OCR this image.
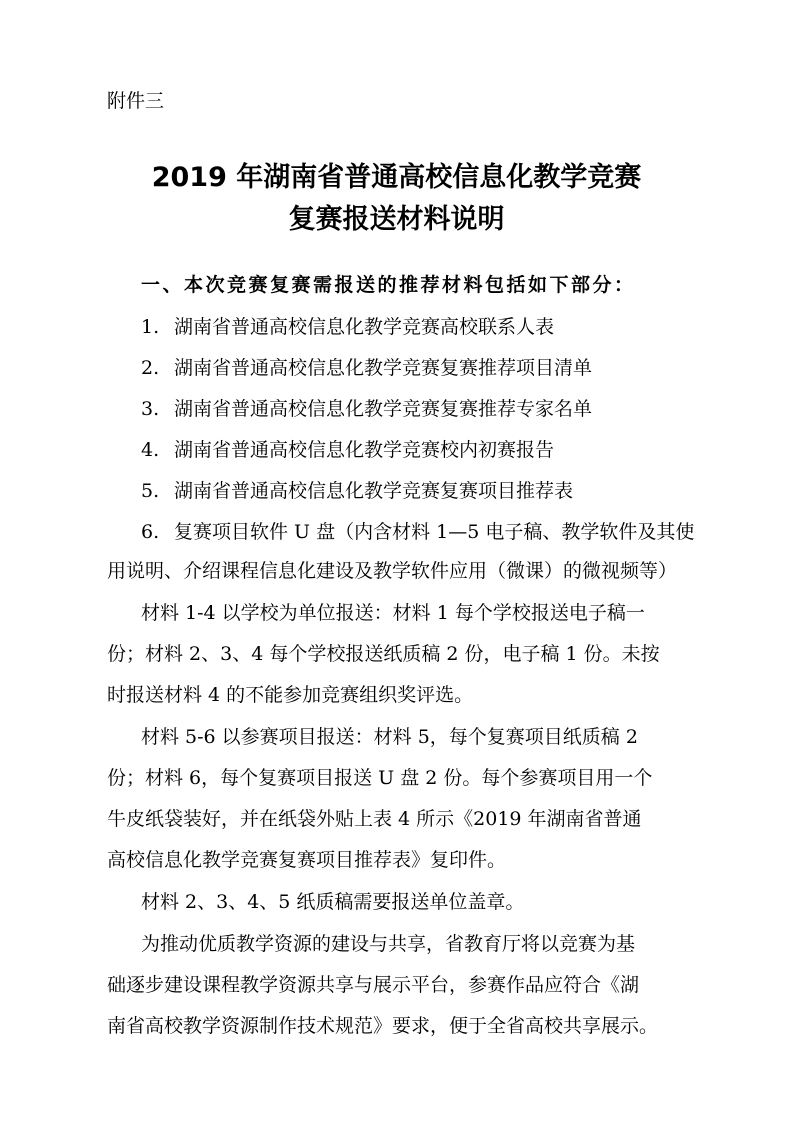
附件三
2019 年湖南省普通高校信息化教学竞赛
复赛报送材料说明
一、本次竞赛复赛需报送的推荐材料包括如下部分：
1. 湖南省普通高校信息化教学竞赛高校联系人表
2. 湖南省普通高校信息化教学竞赛复赛推荐项目清单
3. 湖南省普通高校信息化教学竞赛复赛推荐专家名单
4. 湖南省普通高校信息化教学竞赛校内初赛报告
5. 湖南省普通高校信息化教学竞赛复赛项目推荐表
6. 复赛项目软件 U 盘（内含材料 1—5 电子稿、教学软件及其使
用说明、介绍课程信息化建设及教学软件应用（微课）的微视频等）
材料 1-4 以学校为单位报送：材料 1 每个学校报送电子稿一
份；材料 2、3、4 每个学校报送纸质稿 2 份，电子稿 1 份。未按
时报送材料 4 的不能参加竞赛组织奖评选。
材料 5-6 以参赛项目报送：材料 5，每个复赛项目纸质稿 2
份；材料 6，每个复赛项目报送 U 盘 2 份。每个参赛项目用一个
牛皮纸袋装好，并在纸袋外贴上表 4 所示《2019 年湖南省普通
高校信息化教学竞赛复赛项目推荐表》复印件。
材料 2、3、4、5 纸质稿需要报送单位盖章。
为推动优质教学资源的建设与共享，省教育厅将以竞赛为基
础逐步建设课程教学资源共享与展示平台，参赛作品应符合《湖
南省高校教学资源制作技术规范》要求，便于全省高校共享展示。
